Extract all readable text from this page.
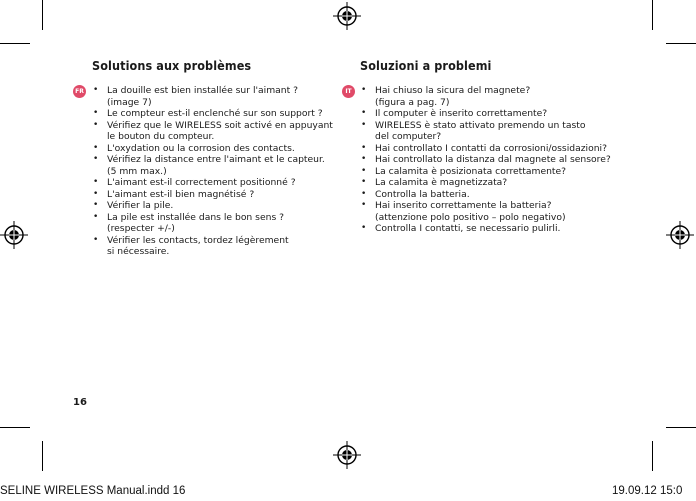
Solutions aux problèmes
• La douille est bien installée sur l'aimant ?
(image 7)
• Le compteur est-il enclenché sur son support ?
• Vérifiez que le WIRELESS soit activé en appuyant
le bouton du compteur.
• L'oxydation ou la corrosion des contacts.
• Vérifiez la distance entre l'aimant et le capteur.
(5 mm max.)
• L'aimant est-il correctement positionné ?
• L'aimant est-il bien magnétisé ?
• Vérifier la pile.
• La pile est installée dans le bon sens ?
(respecter +/-)
• Vérifier les contacts, tordez légèrement
si nécessaire.
FR
Soluzioni a problemi
• Hai chiuso la sicura del magnete?
(figura a pag. 7)
• Il computer è inserito correttamente?
• WIRELESS è stato attivato premendo un tasto
del computer?
• Hai controllato I contatti da corrosioni/ossidazioni?
• Hai controllato la distanza dal magnete al sensore?
• La calamita è posizionata correttamente?
• La calamita è magnetizzata?
• Controlla la batteria.
• Hai inserito correttamente la batteria?
(attenzione polo positivo – polo negativo)
• Controlla I contatti, se necessario pulirli.
IT
16
SELINE WIRELESS Manual.indd 16	19.09.12 15:0
